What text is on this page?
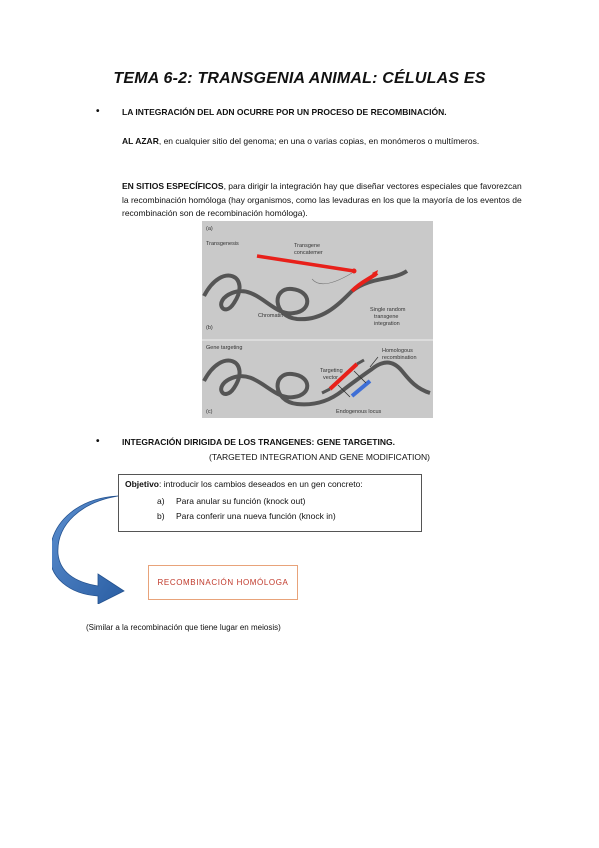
TEMA 6-2: TRANSGENIA ANIMAL: CÉLULAS ES
•	LA INTEGRACIÓN DEL ADN OCURRE POR UN PROCESO DE RECOMBINACIÓN.
AL AZAR, en cualquier sitio del genoma; en una o varias copias, en monómeros o multímeros.
EN SITIOS ESPECÍFICOS, para dirigir la integración hay que diseñar vectores especiales que favorezcan la recombinación homóloga (hay organismos, como las levaduras en los que la mayoría de los eventos de recombinación son de recombinación homóloga).
(a)
Transgenesis	Transgene
concatemer
(b)
Chromatin
Single random
transgene
integration
Gene targeting	Homologous
recombination
Targeting
vector
(c)	Endogenous locus
•	INTEGRACIÓN DIRIGIDA DE LOS TRANGENES: GENE TARGETING.
(TARGETED INTEGRATION AND GENE MODIFICATION)
Objetivo: introducir los cambios deseados en un gen concreto:
a) Para anular su función (knock out)
b) Para conferir una nueva función (knock in)
RECOMBINACIÓN HOMÓLOGA
(Similar a la recombinación que tiene lugar en meiosis)
